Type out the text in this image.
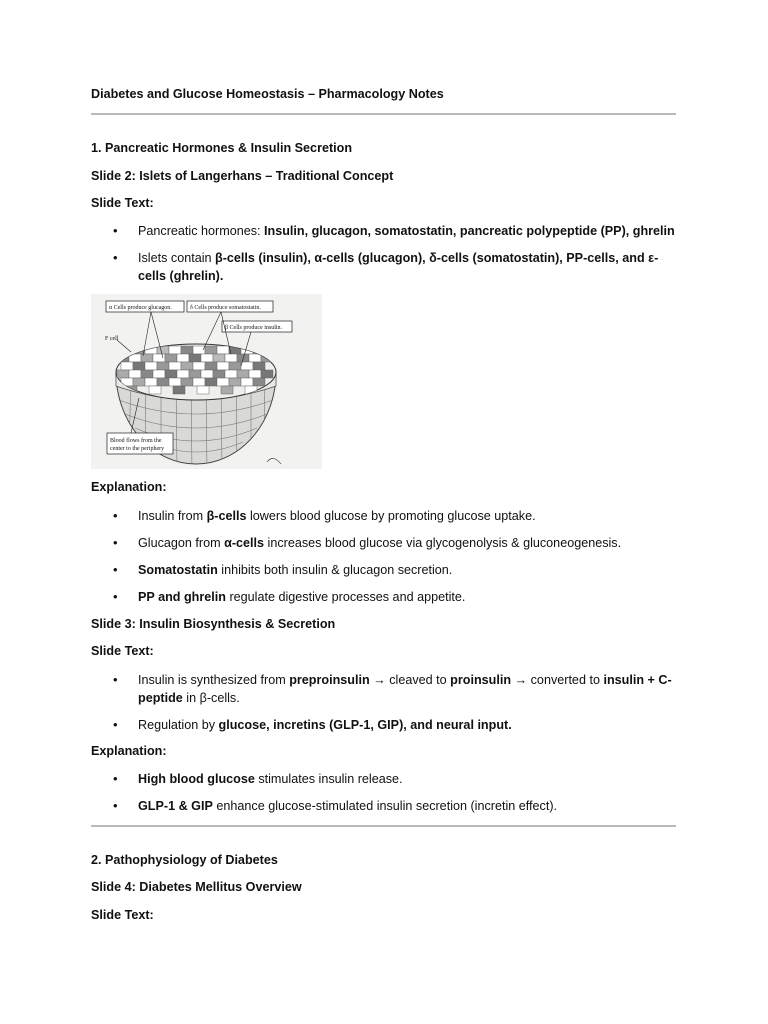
Diabetes and Glucose Homeostasis – Pharmacology Notes
1. Pancreatic Hormones & Insulin Secretion
Slide 2: Islets of Langerhans – Traditional Concept
Slide Text:
• Pancreatic hormones: Insulin, glucagon, somatostatin, pancreatic polypeptide (PP), ghrelin
• Islets contain β-cells (insulin), α-cells (glucagon), δ-cells (somatostatin), PP-cells, and ε-cells (ghrelin).
α Cells produce glucagon.	δ Cells produce somatostatin.
β Cells produce insulin.
F cell
Blood flows from the
center to the periphery
Explanation:
• Insulin from β-cells lowers blood glucose by promoting glucose uptake.
• Glucagon from α-cells increases blood glucose via glycogenolysis & gluconeogenesis.
• Somatostatin inhibits both insulin & glucagon secretion.
• PP and ghrelin regulate digestive processes and appetite.
Slide 3: Insulin Biosynthesis & Secretion
Slide Text:
• Insulin is synthesized from preproinsulin → cleaved to proinsulin → converted to insulin + C-peptide in β-cells.
• Regulation by glucose, incretins (GLP-1, GIP), and neural input.
Explanation:
• High blood glucose stimulates insulin release.
• GLP-1 & GIP enhance glucose-stimulated insulin secretion (incretin effect).
2. Pathophysiology of Diabetes
Slide 4: Diabetes Mellitus Overview
Slide Text:
